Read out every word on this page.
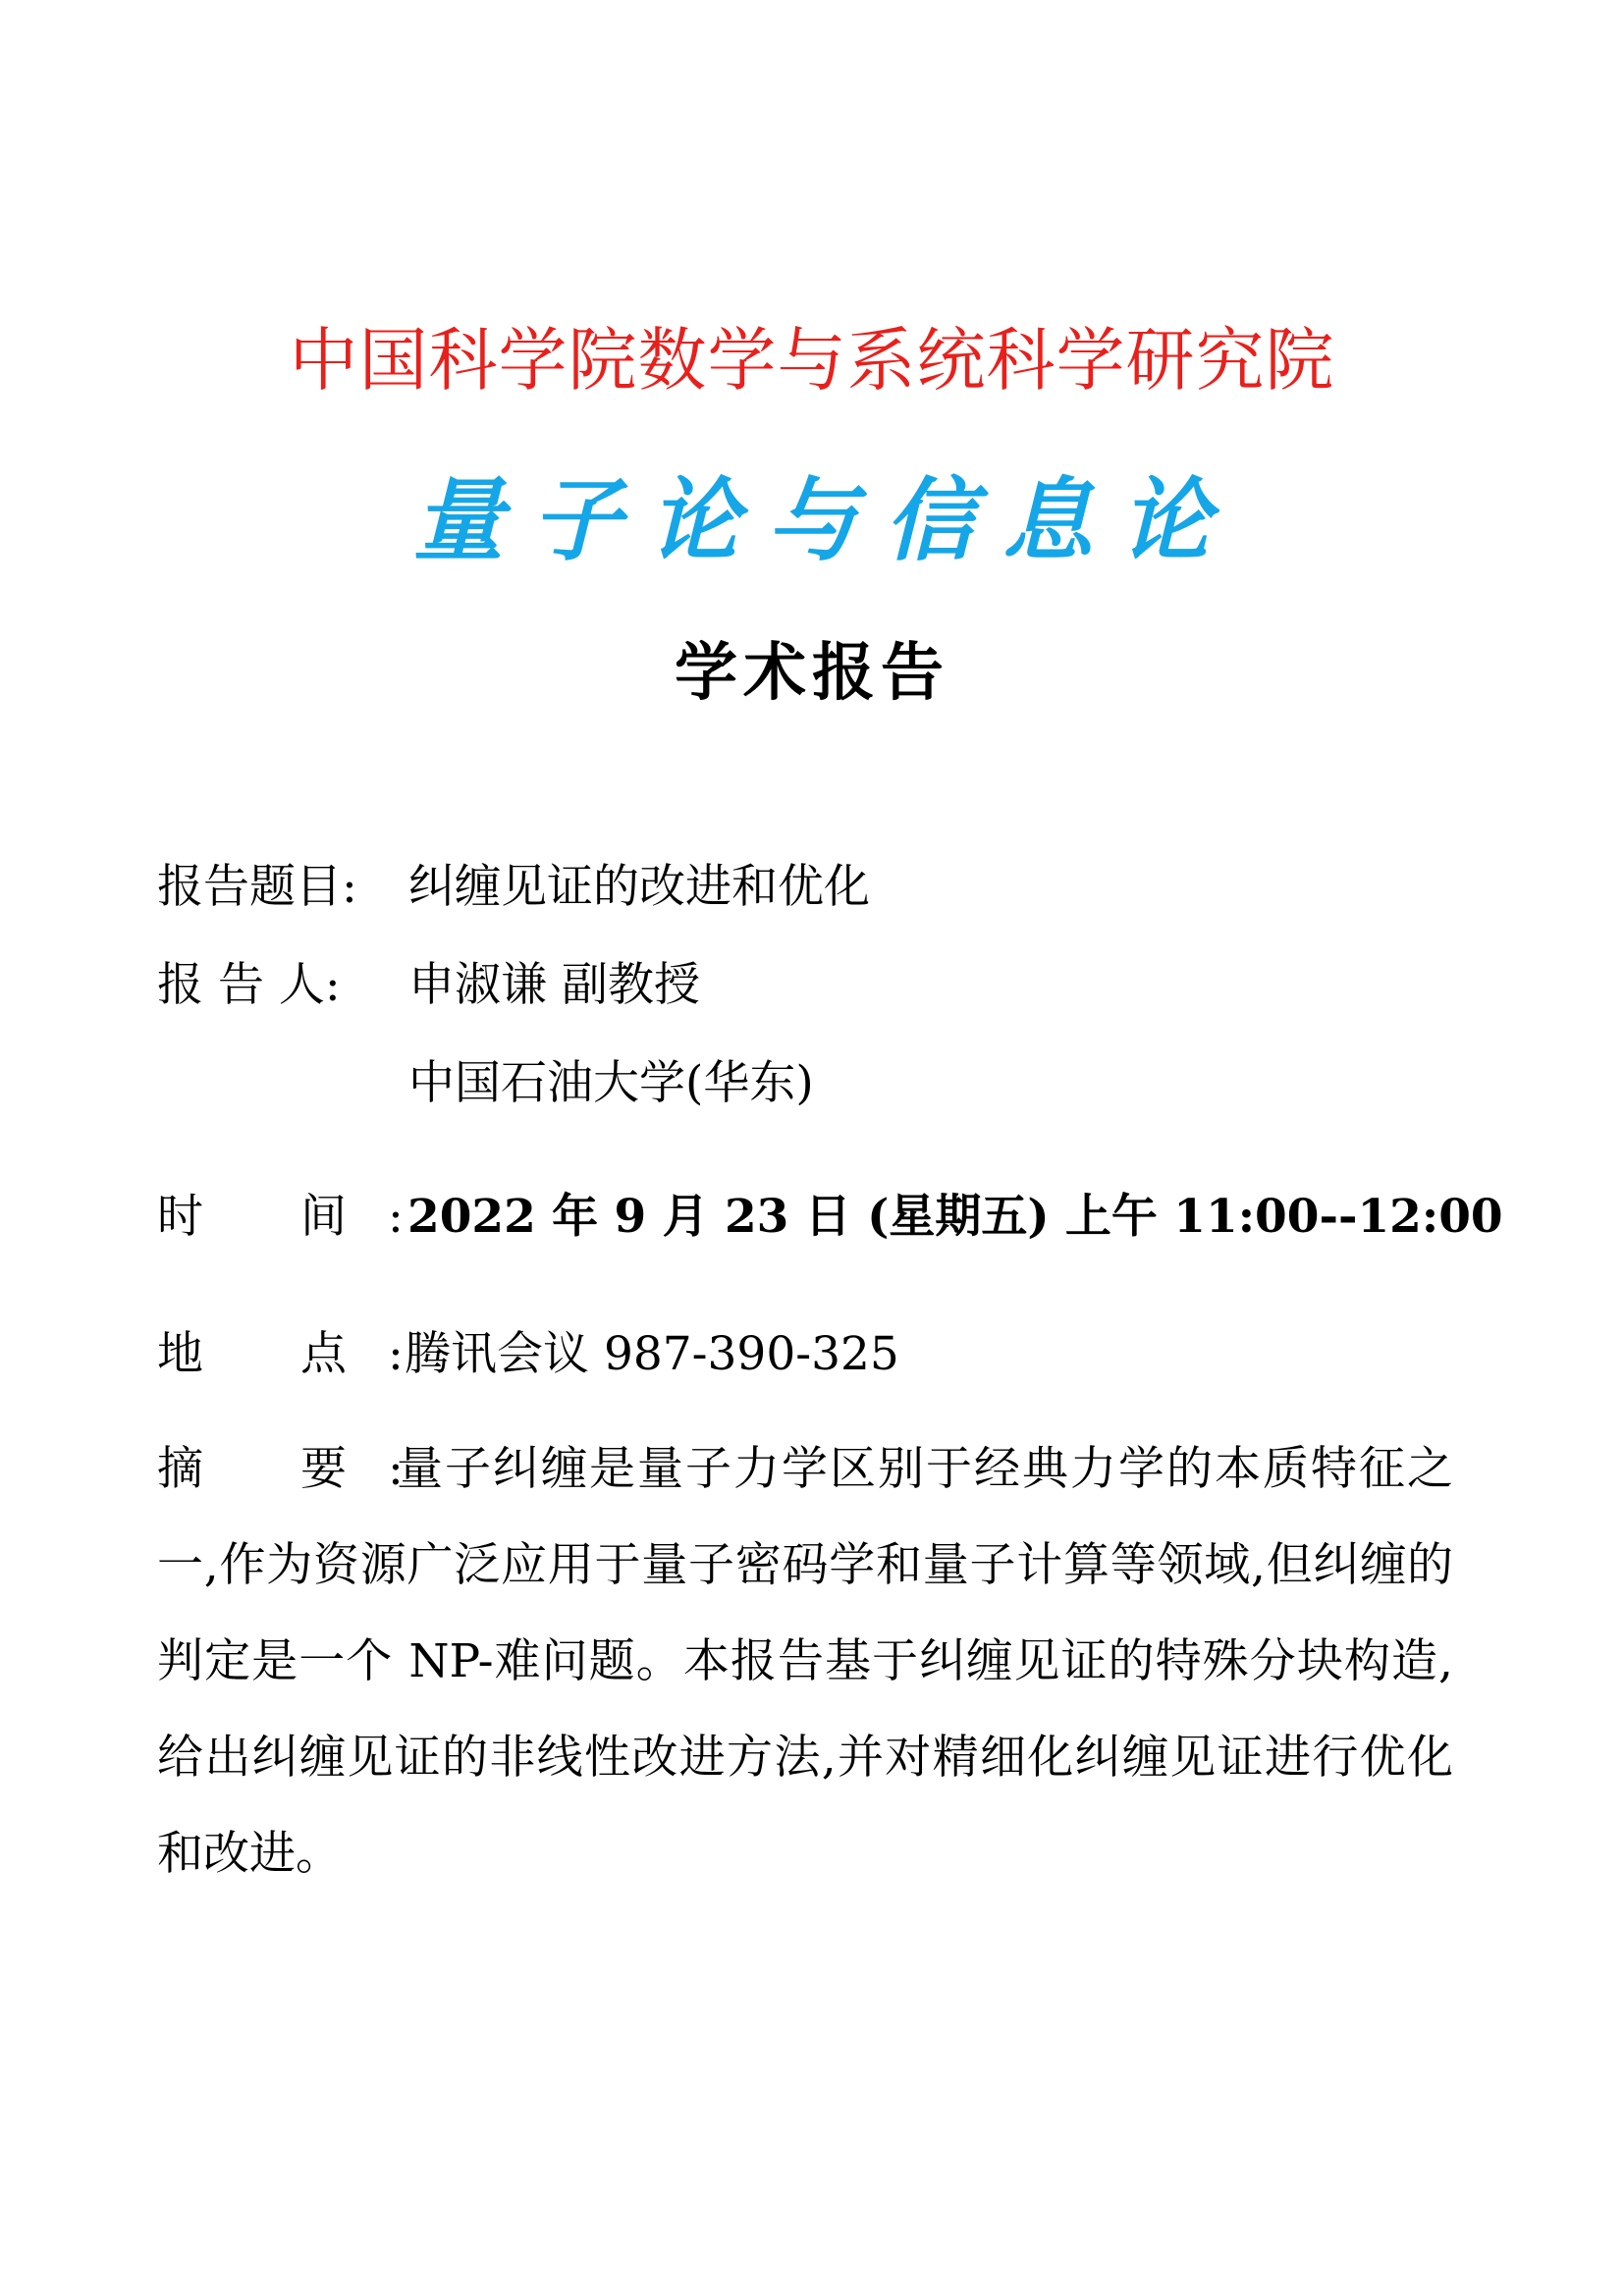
中国科学院数学与系统科学研究院
量子论与信息论
学术报告
报告题目: 纠缠见证的改进和优化
报 告 人: 申淑谦 副教授
中国石油大学(华东)
时 间:
2022 年 9 月 23 日 (星期五) 上午 11:00--12:00
地 点:
腾讯会议 987-390-325
摘 要:量子纠缠是量子力学区别于经典力学的本质特征之一,作为资源广泛应用于量子密码学和量子计算等领域,但纠缠的判定是一个 NP-难问题。本报告基于纠缠见证的特殊分块构造,给出纠缠见证的非线性改进方法,并对精细化纠缠见证进行优化和改进。
